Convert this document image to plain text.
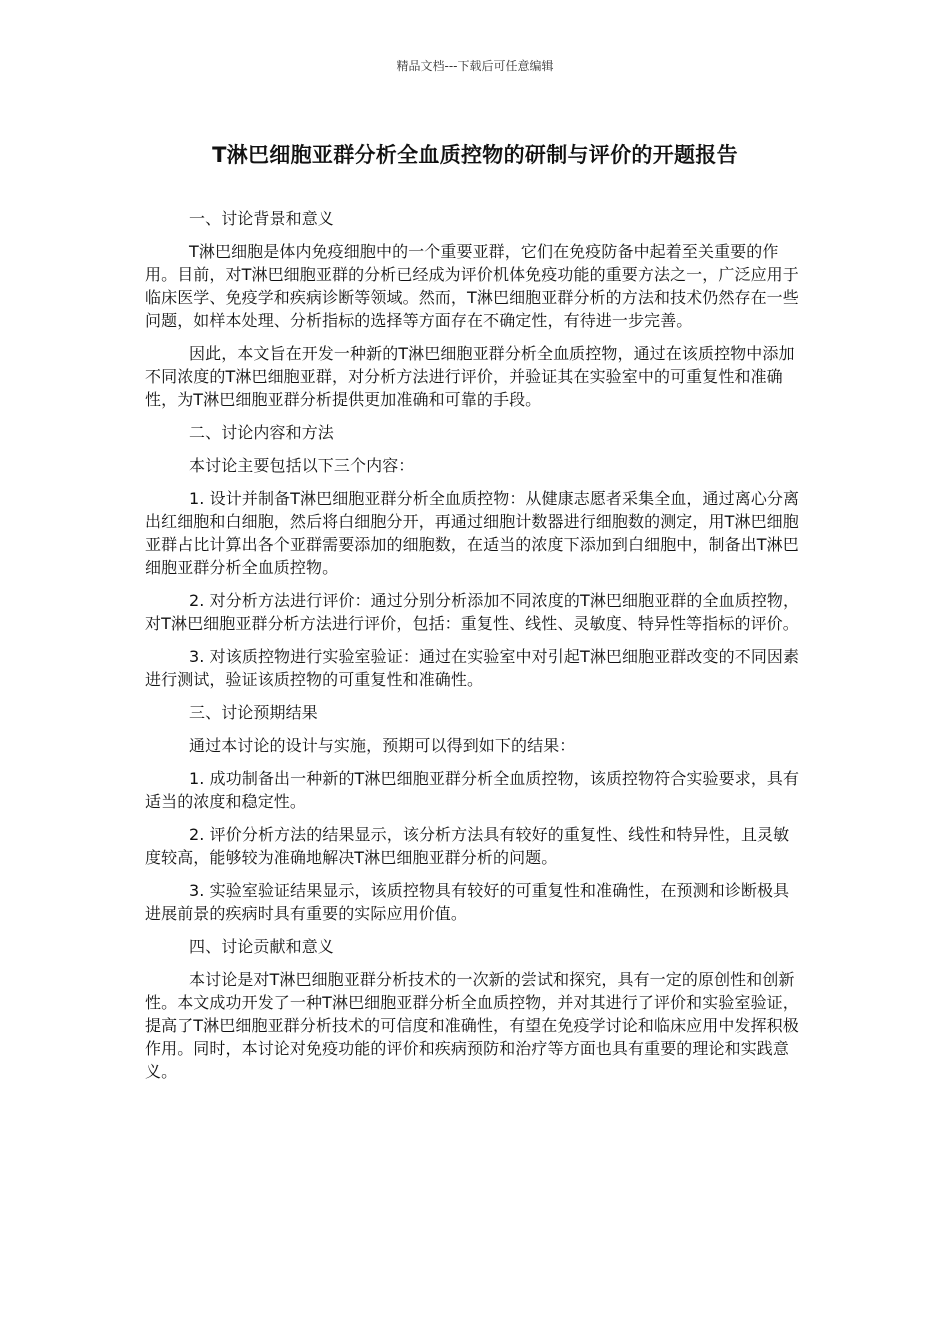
精品文档---下载后可任意编辑
T淋巴细胞亚群分析全血质控物的研制与评价的开题报告

一、讨论背景和意义

T淋巴细胞是体内免疫细胞中的一个重要亚群，它们在免疫防备中起着至关重要的作用。目前，对T淋巴细胞亚群的分析已经成为评价机体免疫功能的重要方法之一，广泛应用于临床医学、免疫学和疾病诊断等领域。然而，T淋巴细胞亚群分析的方法和技术仍然存在一些问题，如样本处理、分析指标的选择等方面存在不确定性，有待进一步完善。

因此，本文旨在开发一种新的T淋巴细胞亚群分析全血质控物，通过在该质控物中添加不同浓度的T淋巴细胞亚群，对分析方法进行评价，并验证其在实验室中的可重复性和准确性，为T淋巴细胞亚群分析提供更加准确和可靠的手段。

二、讨论内容和方法

本讨论主要包括以下三个内容：

1. 设计并制备T淋巴细胞亚群分析全血质控物：从健康志愿者采集全血，通过离心分离出红细胞和白细胞，然后将白细胞分开，再通过细胞计数器进行细胞数的测定，用T淋巴细胞亚群占比计算出各个亚群需要添加的细胞数，在适当的浓度下添加到白细胞中，制备出T淋巴细胞亚群分析全血质控物。

2. 对分析方法进行评价：通过分别分析添加不同浓度的T淋巴细胞亚群的全血质控物，对T淋巴细胞亚群分析方法进行评价，包括：重复性、线性、灵敏度、特异性等指标的评价。

3. 对该质控物进行实验室验证：通过在实验室中对引起T淋巴细胞亚群改变的不同因素进行测试，验证该质控物的可重复性和准确性。

三、讨论预期结果

通过本讨论的设计与实施，预期可以得到如下的结果：

1. 成功制备出一种新的T淋巴细胞亚群分析全血质控物，该质控物符合实验要求，具有适当的浓度和稳定性。

2. 评价分析方法的结果显示，该分析方法具有较好的重复性、线性和特异性，且灵敏度较高，能够较为准确地解决T淋巴细胞亚群分析的问题。

3. 实验室验证结果显示，该质控物具有较好的可重复性和准确性，在预测和诊断极具进展前景的疾病时具有重要的实际应用价值。

四、讨论贡献和意义

本讨论是对T淋巴细胞亚群分析技术的一次新的尝试和探究，具有一定的原创性和创新性。本文成功开发了一种T淋巴细胞亚群分析全血质控物，并对其进行了评价和实验室验证，提高了T淋巴细胞亚群分析技术的可信度和准确性，有望在免疫学讨论和临床应用中发挥积极作用。同时，本讨论对免疫功能的评价和疾病预防和治疗等方面也具有重要的理论和实践意义。
